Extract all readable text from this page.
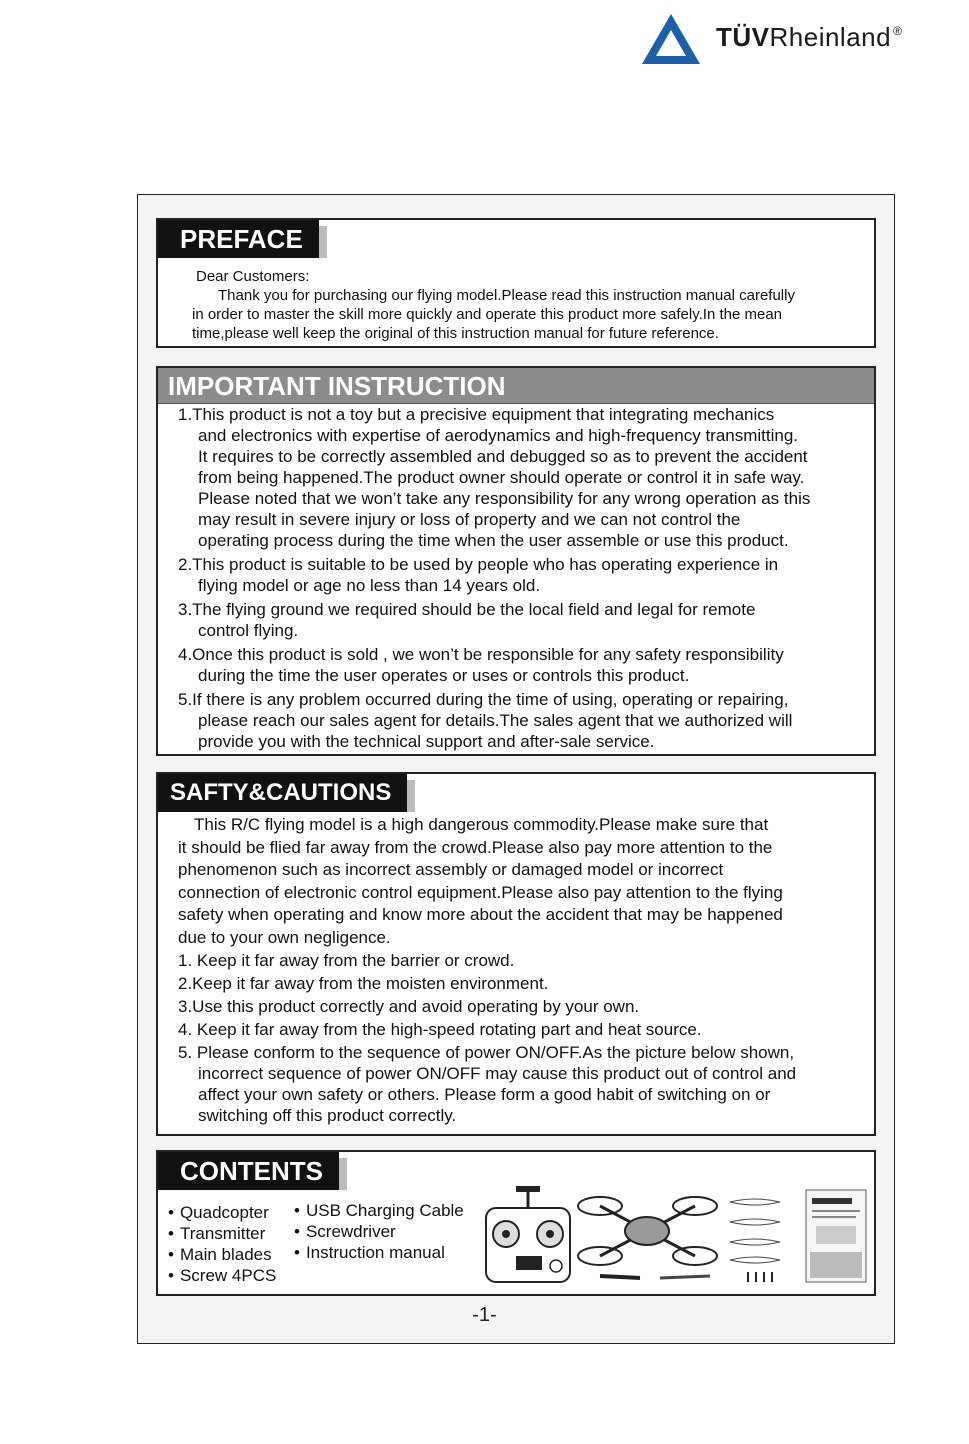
TÜVRheinland ®
PREFACE
Dear Customers:
Thank you for purchasing our flying model.Please read this instruction manual carefully
in order to master the skill more quickly and operate this product more safely.In the mean
time,please well keep the original of this instruction manual for future reference.
IMPORTANT INSTRUCTION
1.This product is not a toy but a precisive equipment that integrating mechanics
and electronics with expertise of aerodynamics and high-frequency transmitting.
It requires to be correctly assembled and debugged so as to prevent the accident
from being happened.The product owner should operate or control it in safe way.
Please noted that we won’t take any responsibility for any wrong operation as this
may result in severe injury or loss of property and we can not control the
operating process during the time when the user assemble or use this product.
2.This product is suitable to be used by people who has operating experience in
flying model or age no less than 14 years old.
3.The flying ground we required should be the local field and legal for remote
control flying.
4.Once this product is sold , we won’t be responsible for any safety responsibility
during the time the user operates or uses or controls this product.
5.If there is any problem occurred during the time of using, operating or repairing,
please reach our sales agent for details.The sales agent that we authorized will
provide you with the technical support and after-sale service.
SAFTY&CAUTIONS
This R/C flying model is a high dangerous commodity.Please make sure that
it should be flied far away from the crowd.Please also pay more attention to the
phenomenon such as incorrect assembly or damaged model or incorrect
connection of electronic control equipment.Please also pay attention to the flying
safety when operating and know more about the accident that may be happened
due to your own negligence.
1. Keep it far away from the barrier or crowd.
2.Keep it far away from the moisten environment.
3.Use this product correctly and avoid operating by your own.
4. Keep it far away from the high-speed rotating part and heat source.
5. Please conform to the sequence of power ON/OFF.As the picture below shown,
incorrect sequence of power ON/OFF may cause this product out of control and
affect your own safety or others. Please form a good habit of switching on or
switching off this product correctly.
CONTENTS
• Quadcopter
• Transmitter
• Main blades
• Screw 4PCS
• USB Charging Cable
• Screwdriver
• Instruction manual
-1-
